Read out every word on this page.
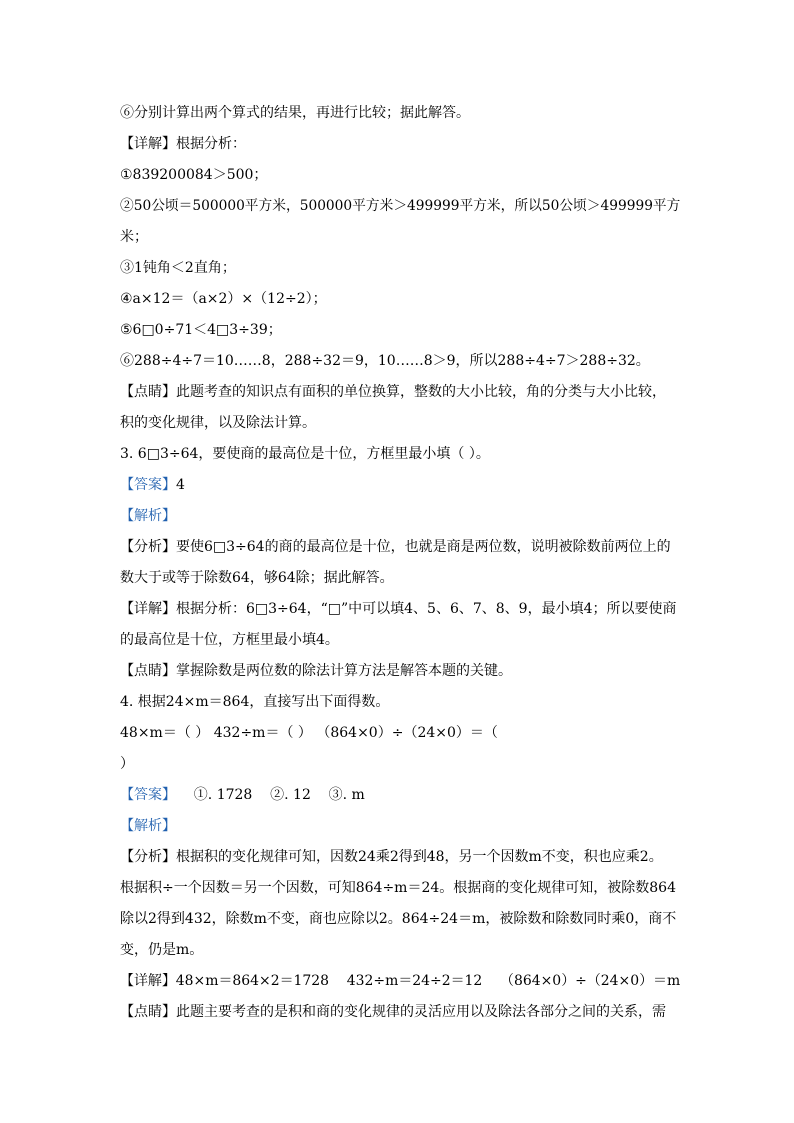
⑥分别计算出两个算式的结果，再进行比较；据此解答。
【详解】根据分析：
①839200084＞500；
②50公顷＝500000平方米，500000平方米＞499999平方米，所以50公顷＞499999平方
米；
③1钝角＜2直角；
④a×12＝（a×2）×（12÷2）；
⑤6□0÷71＜4□3÷39；
⑥288÷4÷7＝10……8，288÷32＝9，10……8＞9，所以288÷4÷7＞288÷32。
【点睛】此题考查的知识点有面积的单位换算，整数的大小比较，角的分类与大小比较，
积的变化规律，以及除法计算。
3. 6□3÷64，要使商的最高位是十位，方框里最小填（ ）。
【答案】4
【解析】
【分析】要使6□3÷64的商的最高位是十位，也就是商是两位数，说明被除数前两位上的
数大于或等于除数64，够64除；据此解答。
【详解】根据分析：6□3÷64，“□”中可以填4、5、6、7、8、9，最小填4；所以要使商
的最高位是十位，方框里最小填4。
【点睛】掌握除数是两位数的除法计算方法是解答本题的关键。
4. 根据24×m＝864，直接写出下面得数。
48×m＝（ ） 432÷m＝（ ） （864×0）÷（24×0）＝（
）
【答案】    ①. 1728    ②. 12    ③. m
【解析】
【分析】根据积的变化规律可知，因数24乘2得到48，另一个因数m不变，积也应乘2。
根据积÷一个因数＝另一个因数，可知864÷m＝24。根据商的变化规律可知，被除数864
除以2得到432，除数m不变，商也应除以2。864÷24＝m，被除数和除数同时乘0，商不
变，仍是m。
【详解】48×m＝864×2＝1728    432÷m＝24÷2＝12    （864×0）÷（24×0）＝m
【点睛】此题主要考查的是积和商的变化规律的灵活应用以及除法各部分之间的关系，需
